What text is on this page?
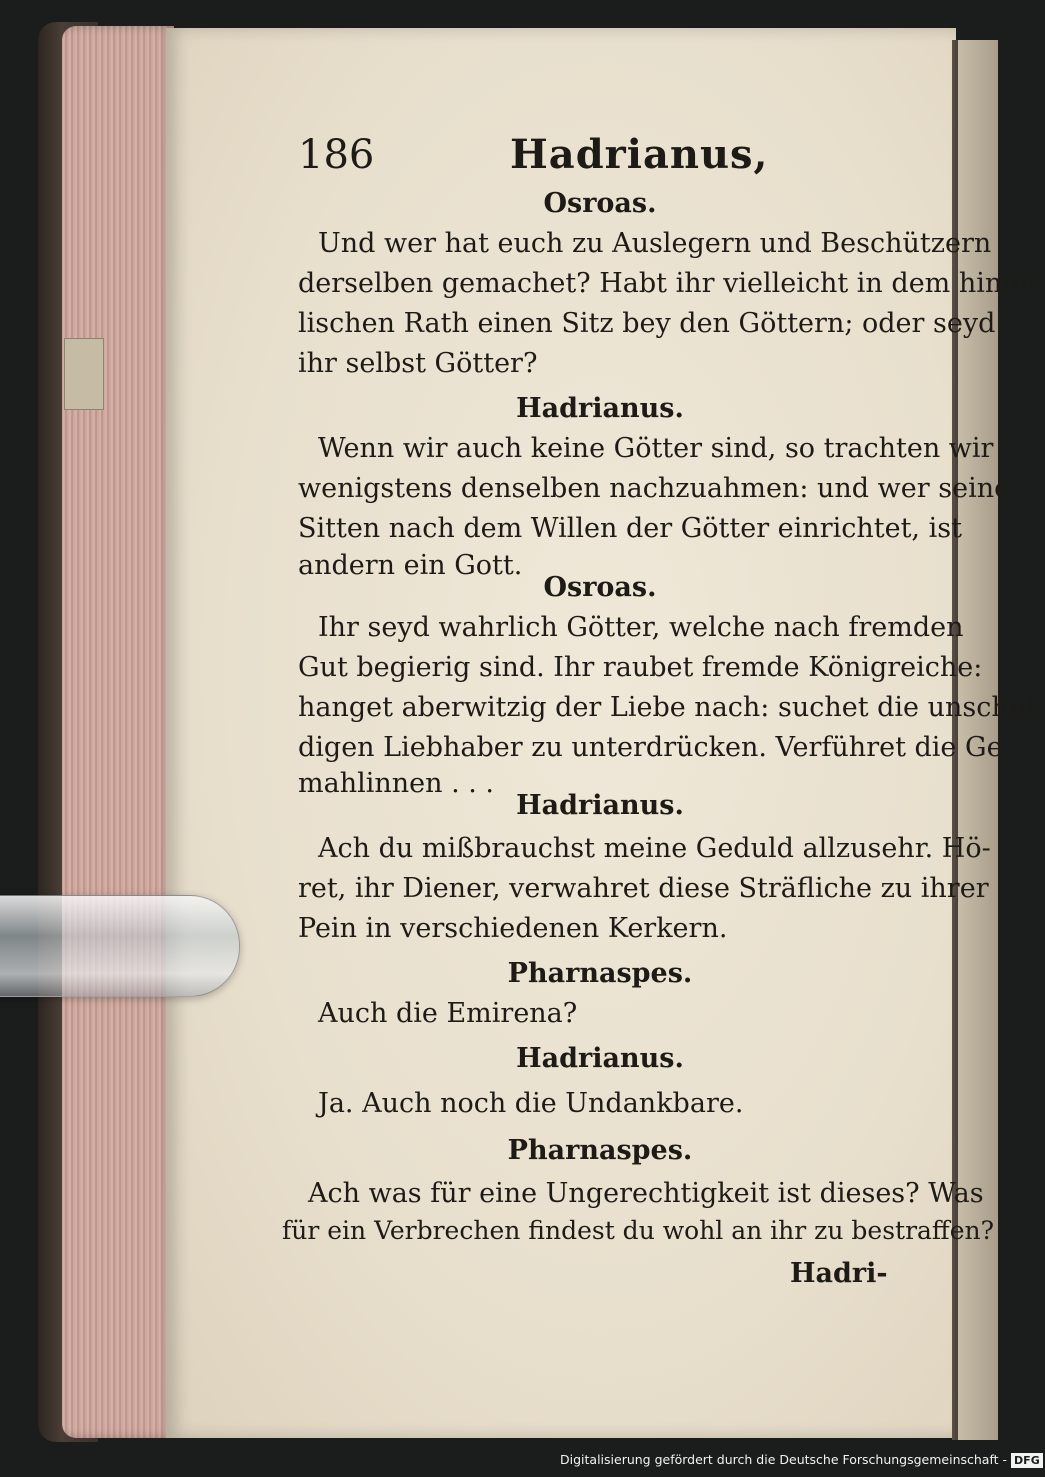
186	Hadrianus,
Osroas.
Und wer hat euch zu Auslegern und Beschützern
derselben gemachet? Habt ihr vielleicht in dem himm-
lischen Rath einen Sitz bey den Göttern; oder seyd
ihr selbst Götter?
Hadrianus.
Wenn wir auch keine Götter sind, so trachten wir
wenigstens denselben nachzuahmen: und wer seine
Sitten nach dem Willen der Götter einrichtet, ist
andern ein Gott.
Osroas.
Ihr seyd wahrlich Götter, welche nach fremden
Gut begierig sind. Ihr raubet fremde Königreiche:
hanget aberwitzig der Liebe nach: suchet die unschul-
digen Liebhaber zu unterdrücken. Verführet die Ge-
mahlinnen . . .
Hadrianus.
Ach du mißbrauchst meine Geduld allzusehr. Hö-
ret, ihr Diener, verwahret diese Sträfliche zu ihrer
Pein in verschiedenen Kerkern.
Pharnaspes.
Auch die Emirena?
Hadrianus.
Ja. Auch noch die Undankbare.
Pharnaspes.
Ach was für eine Ungerechtigkeit ist dieses? Was
für ein Verbrechen findest du wohl an ihr zu bestraffen?
Hadri-
Digitalisierung gefördert durch die Deutsche Forschungsgemeinschaft - DFG
